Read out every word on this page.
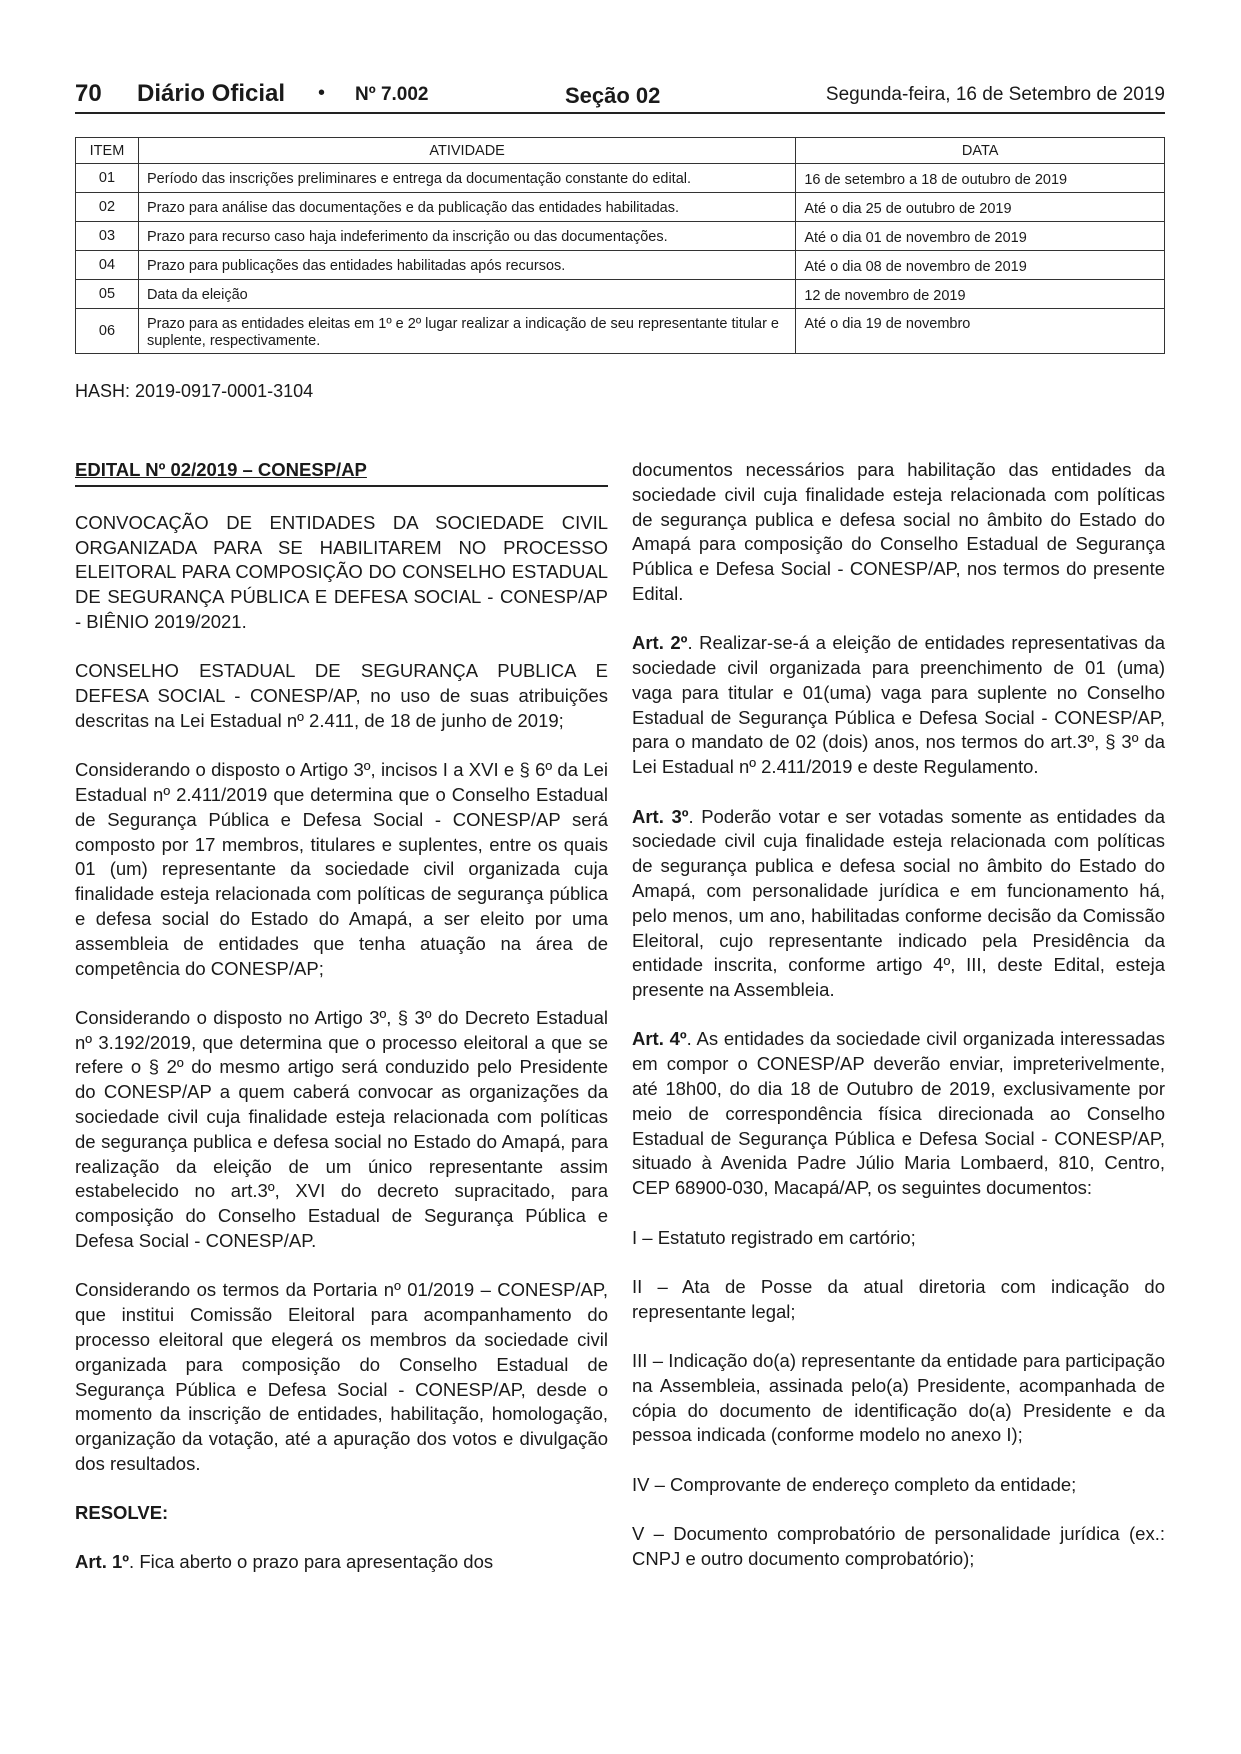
70 Diário Oficial • Nº 7.002	Seção 02	Segunda-feira, 16 de Setembro de 2019
ITEM	ATIVIDADE	DATA
01	Período das inscrições preliminares e entrega da documentação constante do edital.	16 de setembro a 18 de outubro de 2019
02	Prazo para análise das documentações e da publicação das entidades habilitadas.	Até o dia 25 de outubro de 2019
03	Prazo para recurso caso haja indeferimento da inscrição ou das documentações.	Até o dia 01 de novembro de 2019
04	Prazo para publicações das entidades habilitadas após recursos.	Até o dia 08 de novembro de 2019
05	Data da eleição	12 de novembro de 2019
06	Prazo para as entidades eleitas em 1º e 2º lugar realizar a indicação de seu representante titular e suplente, respectivamente.	Até o dia 19 de novembro
HASH: 2019-0917-0001-3104
EDITAL Nº 02/2019 – CONESP/AP

CONVOCAÇÃO DE ENTIDADES DA SOCIEDADE CIVIL ORGANIZADA PARA SE HABILITAREM NO PROCESSO ELEITORAL PARA COMPOSIÇÃO DO CONSELHO ESTADUAL DE SEGURANÇA PÚBLICA E DEFESA SOCIAL - CONESP/AP - BIÊNIO 2019/2021.

CONSELHO ESTADUAL DE SEGURANÇA PUBLICA E DEFESA SOCIAL - CONESP/AP, no uso de suas atribuições descritas na Lei Estadual nº 2.411, de 18 de junho de 2019;

Considerando o disposto o Artigo 3º, incisos I a XVI e § 6º da Lei Estadual nº 2.411/2019 que determina que o Conselho Estadual de Segurança Pública e Defesa Social - CONESP/AP será composto por 17 membros, titulares e suplentes, entre os quais 01 (um) representante da sociedade civil organizada cuja finalidade esteja relacionada com políticas de segurança pública e defesa social do Estado do Amapá, a ser eleito por uma assembleia de entidades que tenha atuação na área de competência do CONESP/AP;

Considerando o disposto no Artigo 3º, § 3º do Decreto Estadual nº 3.192/2019, que determina que o processo eleitoral a que se refere o § 2º do mesmo artigo será conduzido pelo Presidente do CONESP/AP a quem caberá convocar as organizações da sociedade civil cuja finalidade esteja relacionada com políticas de segurança publica e defesa social no Estado do Amapá, para realização da eleição de um único representante assim estabelecido no art.3º, XVI do decreto supracitado, para composição do Conselho Estadual de Segurança Pública e Defesa Social - CONESP/AP.

Considerando os termos da Portaria nº 01/2019 – CONESP/AP, que institui Comissão Eleitoral para acompanhamento do processo eleitoral que elegerá os membros da sociedade civil organizada para composição do Conselho Estadual de Segurança Pública e Defesa Social - CONESP/AP, desde o momento da inscrição de entidades, habilitação, homologação, organização da votação, até a apuração dos votos e divulgação dos resultados.

RESOLVE:

Art. 1º. Fica aberto o prazo para apresentação dos

documentos necessários para habilitação das entidades da sociedade civil cuja finalidade esteja relacionada com políticas de segurança publica e defesa social no âmbito do Estado do Amapá para composição do Conselho Estadual de Segurança Pública e Defesa Social - CONESP/AP, nos termos do presente Edital.

Art. 2º. Realizar-se-á a eleição de entidades representativas da sociedade civil organizada para preenchimento de 01 (uma) vaga para titular e 01(uma) vaga para suplente no Conselho Estadual de Segurança Pública e Defesa Social - CONESP/AP, para o mandato de 02 (dois) anos, nos termos do art.3º, § 3º da Lei Estadual nº 2.411/2019 e deste Regulamento.

Art. 3º. Poderão votar e ser votadas somente as entidades da sociedade civil cuja finalidade esteja relacionada com políticas de segurança publica e defesa social no âmbito do Estado do Amapá, com personalidade jurídica e em funcionamento há, pelo menos, um ano, habilitadas conforme decisão da Comissão Eleitoral, cujo representante indicado pela Presidência da entidade inscrita, conforme artigo 4º, III, deste Edital, esteja presente na Assembleia.

Art. 4º. As entidades da sociedade civil organizada interessadas em compor o CONESP/AP deverão enviar, impreterivelmente, até 18h00, do dia 18 de Outubro de 2019, exclusivamente por meio de correspondência física direcionada ao Conselho Estadual de Segurança Pública e Defesa Social - CONESP/AP, situado à Avenida Padre Júlio Maria Lombaerd, 810, Centro, CEP 68900-030, Macapá/AP, os seguintes documentos:

I – Estatuto registrado em cartório;

II – Ata de Posse da atual diretoria com indicação do representante legal;

III – Indicação do(a) representante da entidade para participação na Assembleia, assinada pelo(a) Presidente, acompanhada de cópia do documento de identificação do(a) Presidente e da pessoa indicada (conforme modelo no anexo I);

IV – Comprovante de endereço completo da entidade;

V – Documento comprobatório de personalidade jurídica (ex.: CNPJ e outro documento comprobatório);
